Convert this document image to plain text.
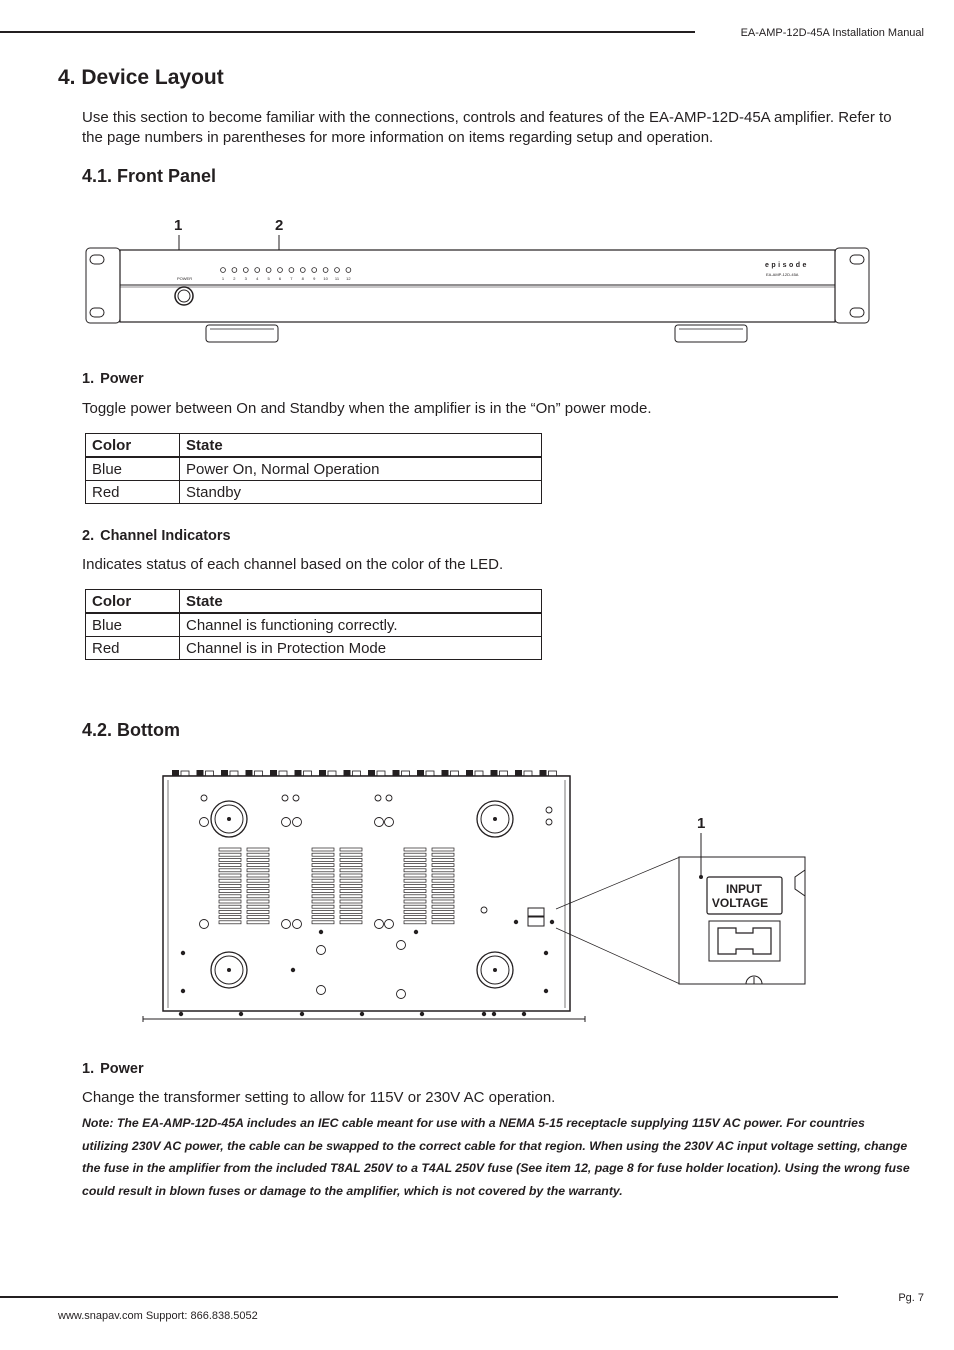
EA-AMP-12D-45A Installation Manual
4. Device Layout
Use this section to become familiar with the connections, controls and features of the EA-AMP-12D-45A amplifier. Refer to the page numbers in parentheses for more information on items regarding setup and operation.
4.1. Front Panel
1	2
POWER	1 2 3 4 5 6 7 8 9 10 11 12
episode
EA-AMP-12D-45A
1. Power
Toggle power between On and Standby when the amplifier is in the “On” power mode.
Color	State
Blue	Power On, Normal Operation
Red	Standby
2. Channel Indicators
Indicates status of each channel based on the color of the LED.
Color	State
Blue	Channel is functioning correctly.
Red	Channel is in Protection Mode
4.2. Bottom
1
INPUT
VOLTAGE
1. Power
Change the transformer setting to allow for 115V or 230V AC operation.
Note: The EA-AMP-12D-45A includes an IEC cable meant for use with a NEMA 5-15 receptacle supplying 115V AC power. For countries utilizing 230V AC power, the cable can be swapped to the correct cable for that region. When using the 230V AC input voltage setting, change the fuse in the amplifier from the included T8AL 250V to a T4AL 250V fuse (See item 12, page 8 for fuse holder location). Using the wrong fuse could result in blown fuses or damage to the amplifier, which is not covered by the warranty.
Pg. 7
www.snapav.com Support: 866.838.5052
